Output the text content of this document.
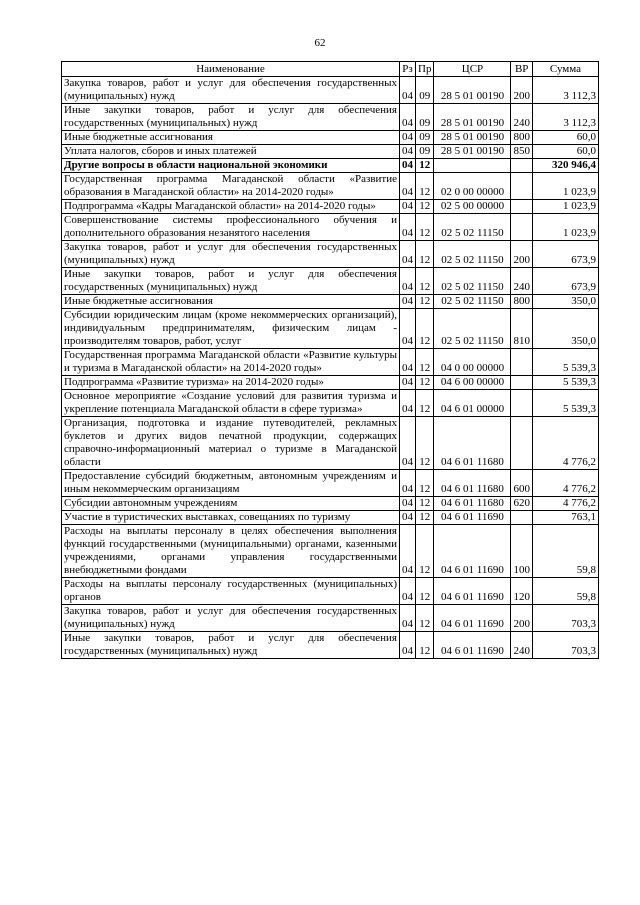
62
Наименование	Рз	Пр	ЦСР	ВР	Сумма
Закупка товаров, работ и услуг для обеспечения государственных (муниципальных) нужд	04	09	28 5 01 00190	200	3 112,3
Иные закупки товаров, работ и услуг для обеспечения государственных (муниципальных) нужд	04	09	28 5 01 00190	240	3 112,3
Иные бюджетные ассигнования	04	09	28 5 01 00190	800	60,0
Уплата налогов, сборов и иных платежей	04	09	28 5 01 00190	850	60,0
Другие вопросы в области национальной экономики	04	12			320 946,4
Государственная программа Магаданской области «Развитие образования в Магаданской области» на 2014-2020 годы»	04	12	02 0 00 00000		1 023,9
Подпрограмма «Кадры Магаданской области» на 2014-2020 годы»	04	12	02 5 00 00000		1 023,9
Совершенствование системы профессионального обучения и дополнительного образования незанятого населения	04	12	02 5 02 11150		1 023,9
Закупка товаров, работ и услуг для обеспечения государственных (муниципальных) нужд	04	12	02 5 02 11150	200	673,9
Иные закупки товаров, работ и услуг для обеспечения государственных (муниципальных) нужд	04	12	02 5 02 11150	240	673,9
Иные бюджетные ассигнования	04	12	02 5 02 11150	800	350,0
Субсидии юридическим лицам (кроме некоммерческих организаций), индивидуальным предпринимателям, физическим лицам - производителям товаров, работ, услуг	04	12	02 5 02 11150	810	350,0
Государственная программа Магаданской области «Развитие культуры и туризма в Магаданской области» на 2014-2020 годы»	04	12	04 0 00 00000		5 539,3
Подпрограмма «Развитие туризма» на 2014-2020 годы»	04	12	04 6 00 00000		5 539,3
Основное мероприятие «Создание условий для развития туризма и укрепление потенциала Магаданской области в сфере туризма»	04	12	04 6 01 00000		5 539,3
Организация, подготовка и издание путеводителей, рекламных буклетов и других видов печатной продукции, содержащих справочно-информационный материал о туризме в Магаданской области	04	12	04 6 01 11680		4 776,2
Предоставление субсидий бюджетным, автономным учреждениям и иным некоммерческим организациям	04	12	04 6 01 11680	600	4 776,2
Субсидии автономным учреждениям	04	12	04 6 01 11680	620	4 776,2
Участие в туристических выставках, совещаниях по туризму	04	12	04 6 01 11690		763,1
Расходы на выплаты персоналу в целях обеспечения выполнения функций государственными (муниципальными) органами, казенными учреждениями, органами управления государственными внебюджетными фондами	04	12	04 6 01 11690	100	59,8
Расходы на выплаты персоналу государственных (муниципальных) органов	04	12	04 6 01 11690	120	59,8
Закупка товаров, работ и услуг для обеспечения государственных (муниципальных) нужд	04	12	04 6 01 11690	200	703,3
Иные закупки товаров, работ и услуг для обеспечения государственных (муниципальных) нужд	04	12	04 6 01 11690	240	703,3
